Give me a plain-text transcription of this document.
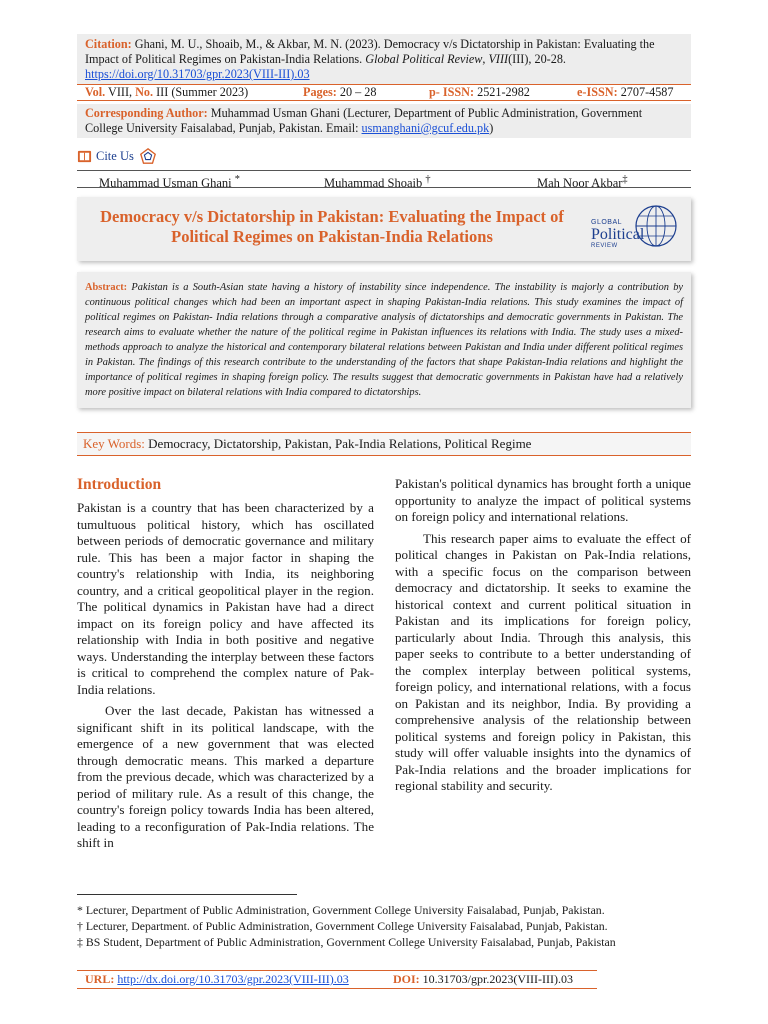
Citation: Ghani, M. U., Shoaib, M., & Akbar, M. N. (2023). Democracy v/s Dictatorship in Pakistan: Evaluating the Impact of Political Regimes on Pakistan-India Relations. Global Political Review, VIII(III), 20-28.
https://doi.org/10.31703/gpr.2023(VIII-III).03
Vol. VIII, No. III (Summer 2023)	Pages: 20 – 28	p- ISSN: 2521-2982	e-ISSN: 2707-4587
Corresponding Author: Muhammad Usman Ghani (Lecturer, Department of Public Administration, Government College University Faisalabad, Punjab, Pakistan. Email: usmanghani@gcuf.edu.pk)
Cite Us
Muhammad Usman Ghani *	Muhammad Shoaib †	Mah Noor Akbar‡
Democracy v/s Dictatorship in Pakistan: Evaluating the Impact of Political Regimes on Pakistan-India Relations
GLOBAL
Political
REVIEW
Abstract: Pakistan is a South-Asian state having a history of instability since independence. The instability is majorly a contribution by continuous political changes which had been an important aspect in shaping Pakistan-India relations. This study examines the impact of political regimes on Pakistan- India relations through a comparative analysis of dictatorships and democratic governments in Pakistan. The research aims to evaluate whether the nature of the political regime in Pakistan influences its relations with India. The study uses a mixed-methods approach to analyze the historical and contemporary bilateral relations between Pakistan and India under different political regimes in Pakistan. The findings of this research contribute to the understanding of the factors that shape Pakistan-India relations and highlight the importance of political regimes in shaping foreign policy. The results suggest that democratic governments in Pakistan have had a relatively more positive impact on bilateral relations with India compared to dictatorships.
Key Words: Democracy, Dictatorship, Pakistan, Pak-India Relations, Political Regime
Introduction

Pakistan is a country that has been characterized by a tumultuous political history, which has oscillated between periods of democratic governance and military rule. This has been a major factor in shaping the country's relationship with India, its neighboring country, and a critical geopolitical player in the region. The political dynamics in Pakistan have had a direct impact on its foreign policy and have affected its relationship with India in both positive and negative ways. Understanding the interplay between these factors is critical to comprehend the complex nature of Pak-India relations.

Over the last decade, Pakistan has witnessed a significant shift in its political landscape, with the emergence of a new government that was elected through democratic means. This marked a departure from the previous decade, which was characterized by a period of military rule. As a result of this change, the country's foreign policy towards India has been altered, leading to a reconfiguration of Pak-India relations. The shift in

Pakistan's political dynamics has brought forth a unique opportunity to analyze the impact of political systems on foreign policy and international relations.

This research paper aims to evaluate the effect of political changes in Pakistan on Pak-India relations, with a specific focus on the comparison between democracy and dictatorship. It seeks to examine the historical context and current political situation in Pakistan and its implications for foreign policy, particularly about India. Through this analysis, this paper seeks to contribute to a better understanding of the complex interplay between political systems, foreign policy, and international relations, with a focus on Pakistan and its neighbor, India. By providing a comprehensive analysis of the relationship between political systems and foreign policy in Pakistan, this study will offer valuable insights into the dynamics of Pak-India relations and the broader implications for regional stability and security.

* Lecturer, Department of Public Administration, Government College University Faisalabad, Punjab, Pakistan.
† Lecturer, Department. of Public Administration, Government College University Faisalabad, Punjab, Pakistan.
‡ BS Student, Department of Public Administration, Government College University Faisalabad, Punjab, Pakistan
URL: http://dx.doi.org/10.31703/gpr.2023(VIII-III).03	DOI: 10.31703/gpr.2023(VIII-III).03
